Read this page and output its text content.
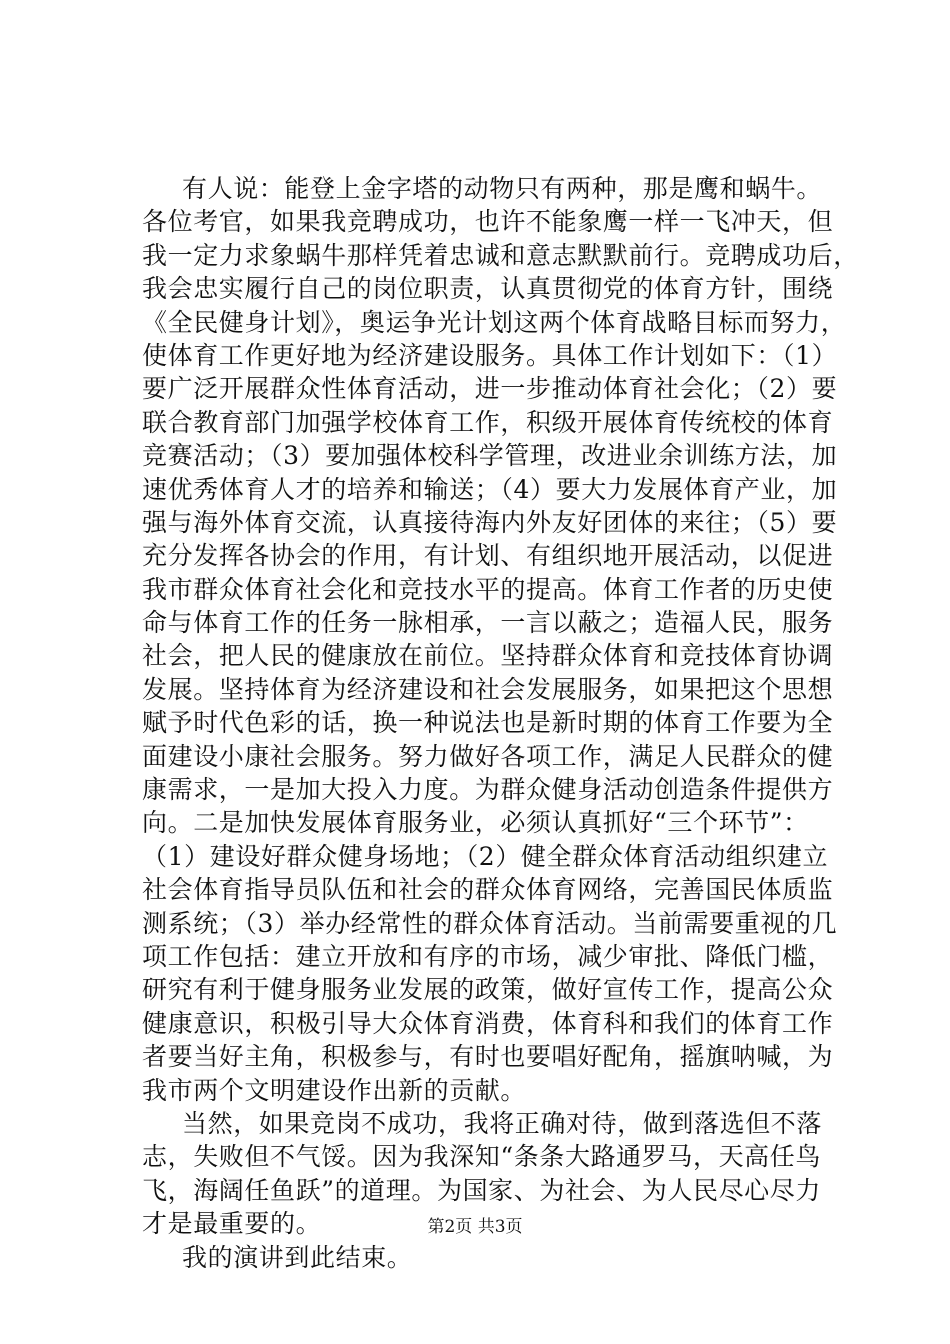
有人说：能登上金字塔的动物只有两种，那是鹰和蜗牛。
各位考官，如果我竞聘成功，也许不能象鹰一样一飞冲天，但
我一定力求象蜗牛那样凭着忠诚和意志默默前行。竞聘成功后，
我会忠实履行自己的岗位职责，认真贯彻党的体育方针，围绕
《全民健身计划》，奥运争光计划这两个体育战略目标而努力，
使体育工作更好地为经济建设服务。具体工作计划如下：（1）
要广泛开展群众性体育活动，进一步推动体育社会化；（2）要
联合教育部门加强学校体育工作，积级开展体育传统校的体育
竞赛活动；（3）要加强体校科学管理，改进业余训练方法，加
速优秀体育人才的培养和输送；（4）要大力发展体育产业，加
强与海外体育交流，认真接待海内外友好团体的来往；（5）要
充分发挥各协会的作用，有计划、有组织地开展活动，以促进
我市群众体育社会化和竞技水平的提高。体育工作者的历史使
命与体育工作的任务一脉相承，一言以蔽之；造福人民，服务
社会，把人民的健康放在前位。坚持群众体育和竞技体育协调
发展。坚持体育为经济建设和社会发展服务，如果把这个思想
赋予时代色彩的话，换一种说法也是新时期的体育工作要为全
面建设小康社会服务。努力做好各项工作，满足人民群众的健
康需求，一是加大投入力度。为群众健身活动创造条件提供方
向。二是加快发展体育服务业，必须认真抓好“三个环节”：
（1）建设好群众健身场地；（2）健全群众体育活动组织建立
社会体育指导员队伍和社会的群众体育网络，完善国民体质监
测系统；（3）举办经常性的群众体育活动。当前需要重视的几
项工作包括：建立开放和有序的市场，减少审批、降低门槛，
研究有利于健身服务业发展的政策，做好宣传工作，提高公众
健康意识，积极引导大众体育消费，体育科和我们的体育工作
者要当好主角，积极参与，有时也要唱好配角，摇旗呐喊，为
我市两个文明建设作出新的贡献。
当然，如果竞岗不成功，我将正确对待，做到落选但不落
志，失败但不气馁。因为我深知“条条大路通罗马，天高任鸟
飞，海阔任鱼跃”的道理。为国家、为社会、为人民尽心尽力
才是最重要的。
我的演讲到此结束。
第2页 共3页
